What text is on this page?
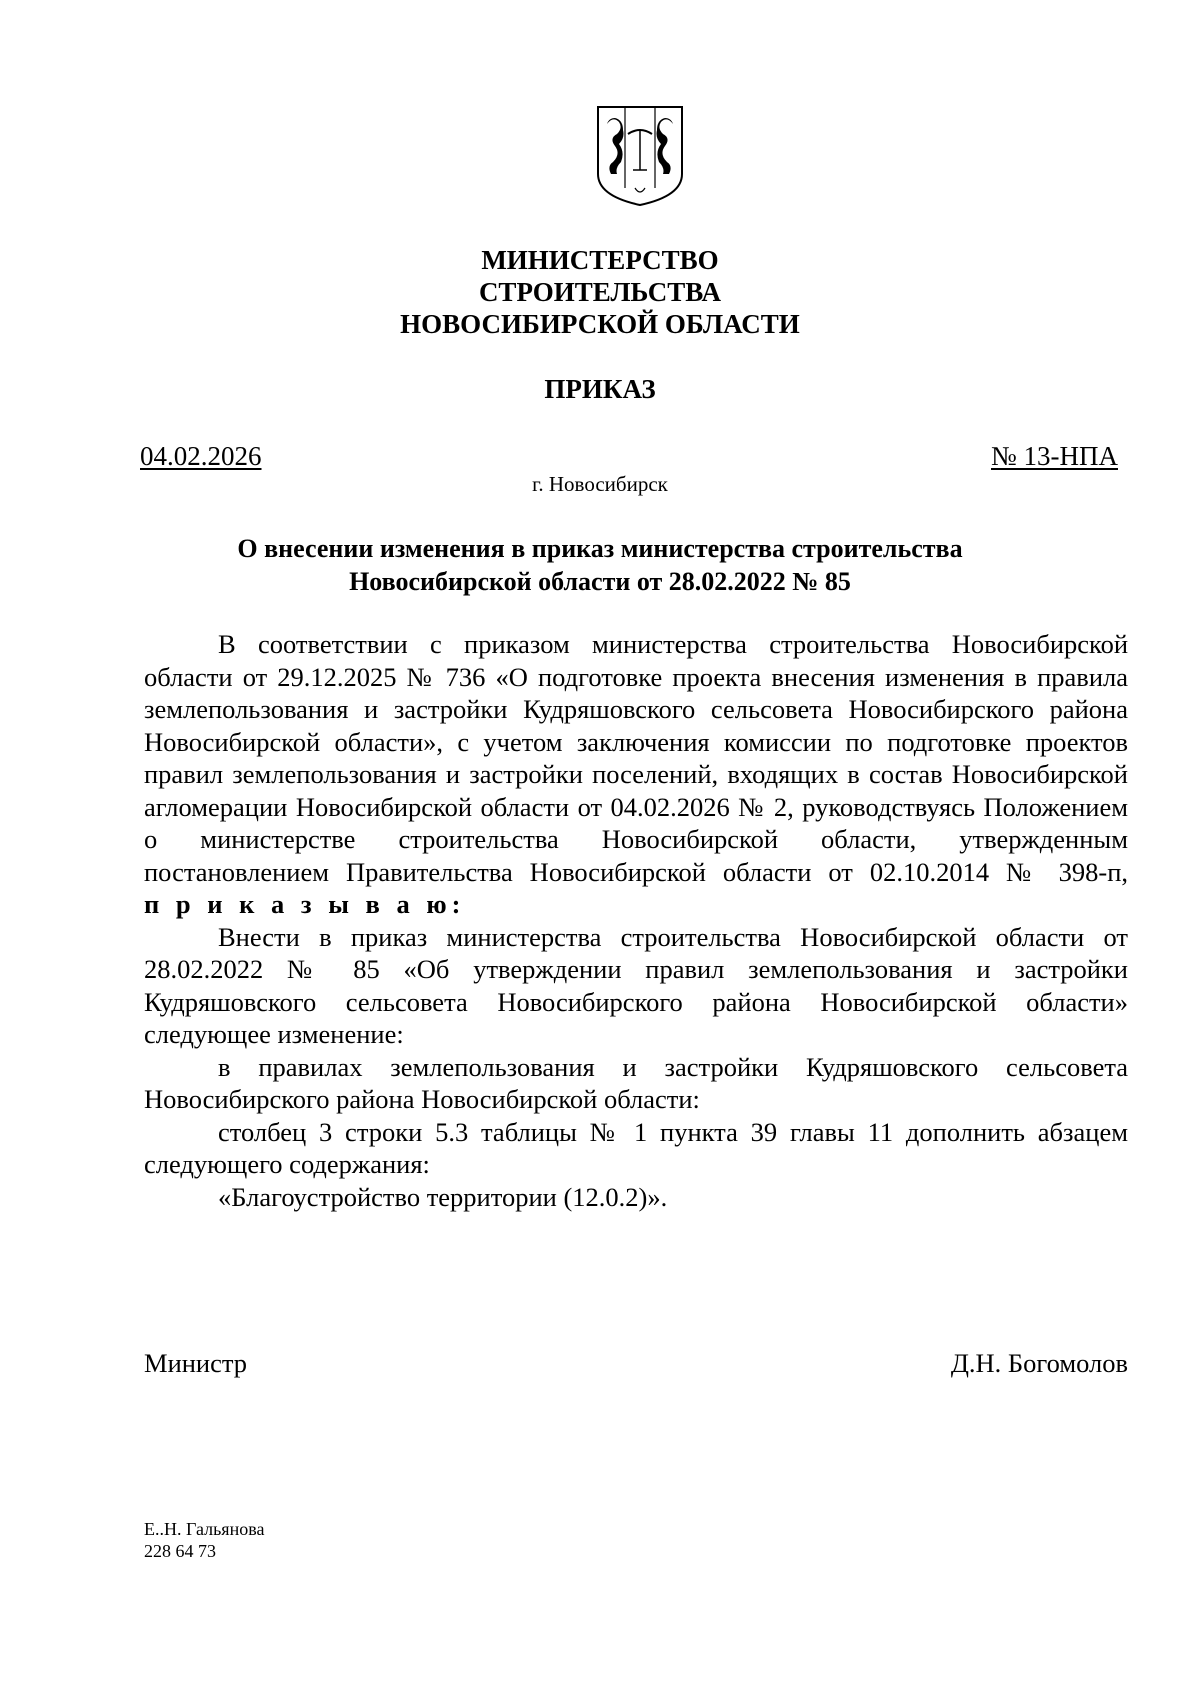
МИНИСТЕРСТВО
СТРОИТЕЛЬСТВА
НОВОСИБИРСКОЙ ОБЛАСТИ
ПРИКАЗ
04.02.2026	№ 13-НПА
г. Новосибирск
О внесении изменения в приказ министерства строительства
Новосибирской области от 28.02.2022 № 85

В соответствии с приказом министерства строительства Новосибирской области от 29.12.2025 № 736 «О подготовке проекта внесения изменения в правила землепользования и застройки Кудряшовского сельсовета Новосибирского района Новосибирской области», с учетом заключения комиссии по подготовке проектов правил землепользования и застройки поселений, входящих в состав Новосибирской агломерации Новосибирской области от 04.02.2026 № 2, руководствуясь Положением о министерстве строительства Новосибирской области, утвержденным постановлением Правительства Новосибирской области от 02.10.2014 № 398-п,

п р и к а з ы в а ю:

Внести в приказ министерства строительства Новосибирской области от 28.02.2022 № 85 «Об утверждении правил землепользования и застройки Кудряшовского сельсовета Новосибирского района Новосибирской области» следующее изменение:

в правилах землепользования и застройки Кудряшовского сельсовета Новосибирского района Новосибирской области:

столбец 3 строки 5.3 таблицы № 1 пункта 39 главы 11 дополнить абзацем следующего содержания:

«Благоустройство территории (12.0.2)».

Министр	Д.Н. Богомолов
Е..Н. Гальянова
228 64 73
